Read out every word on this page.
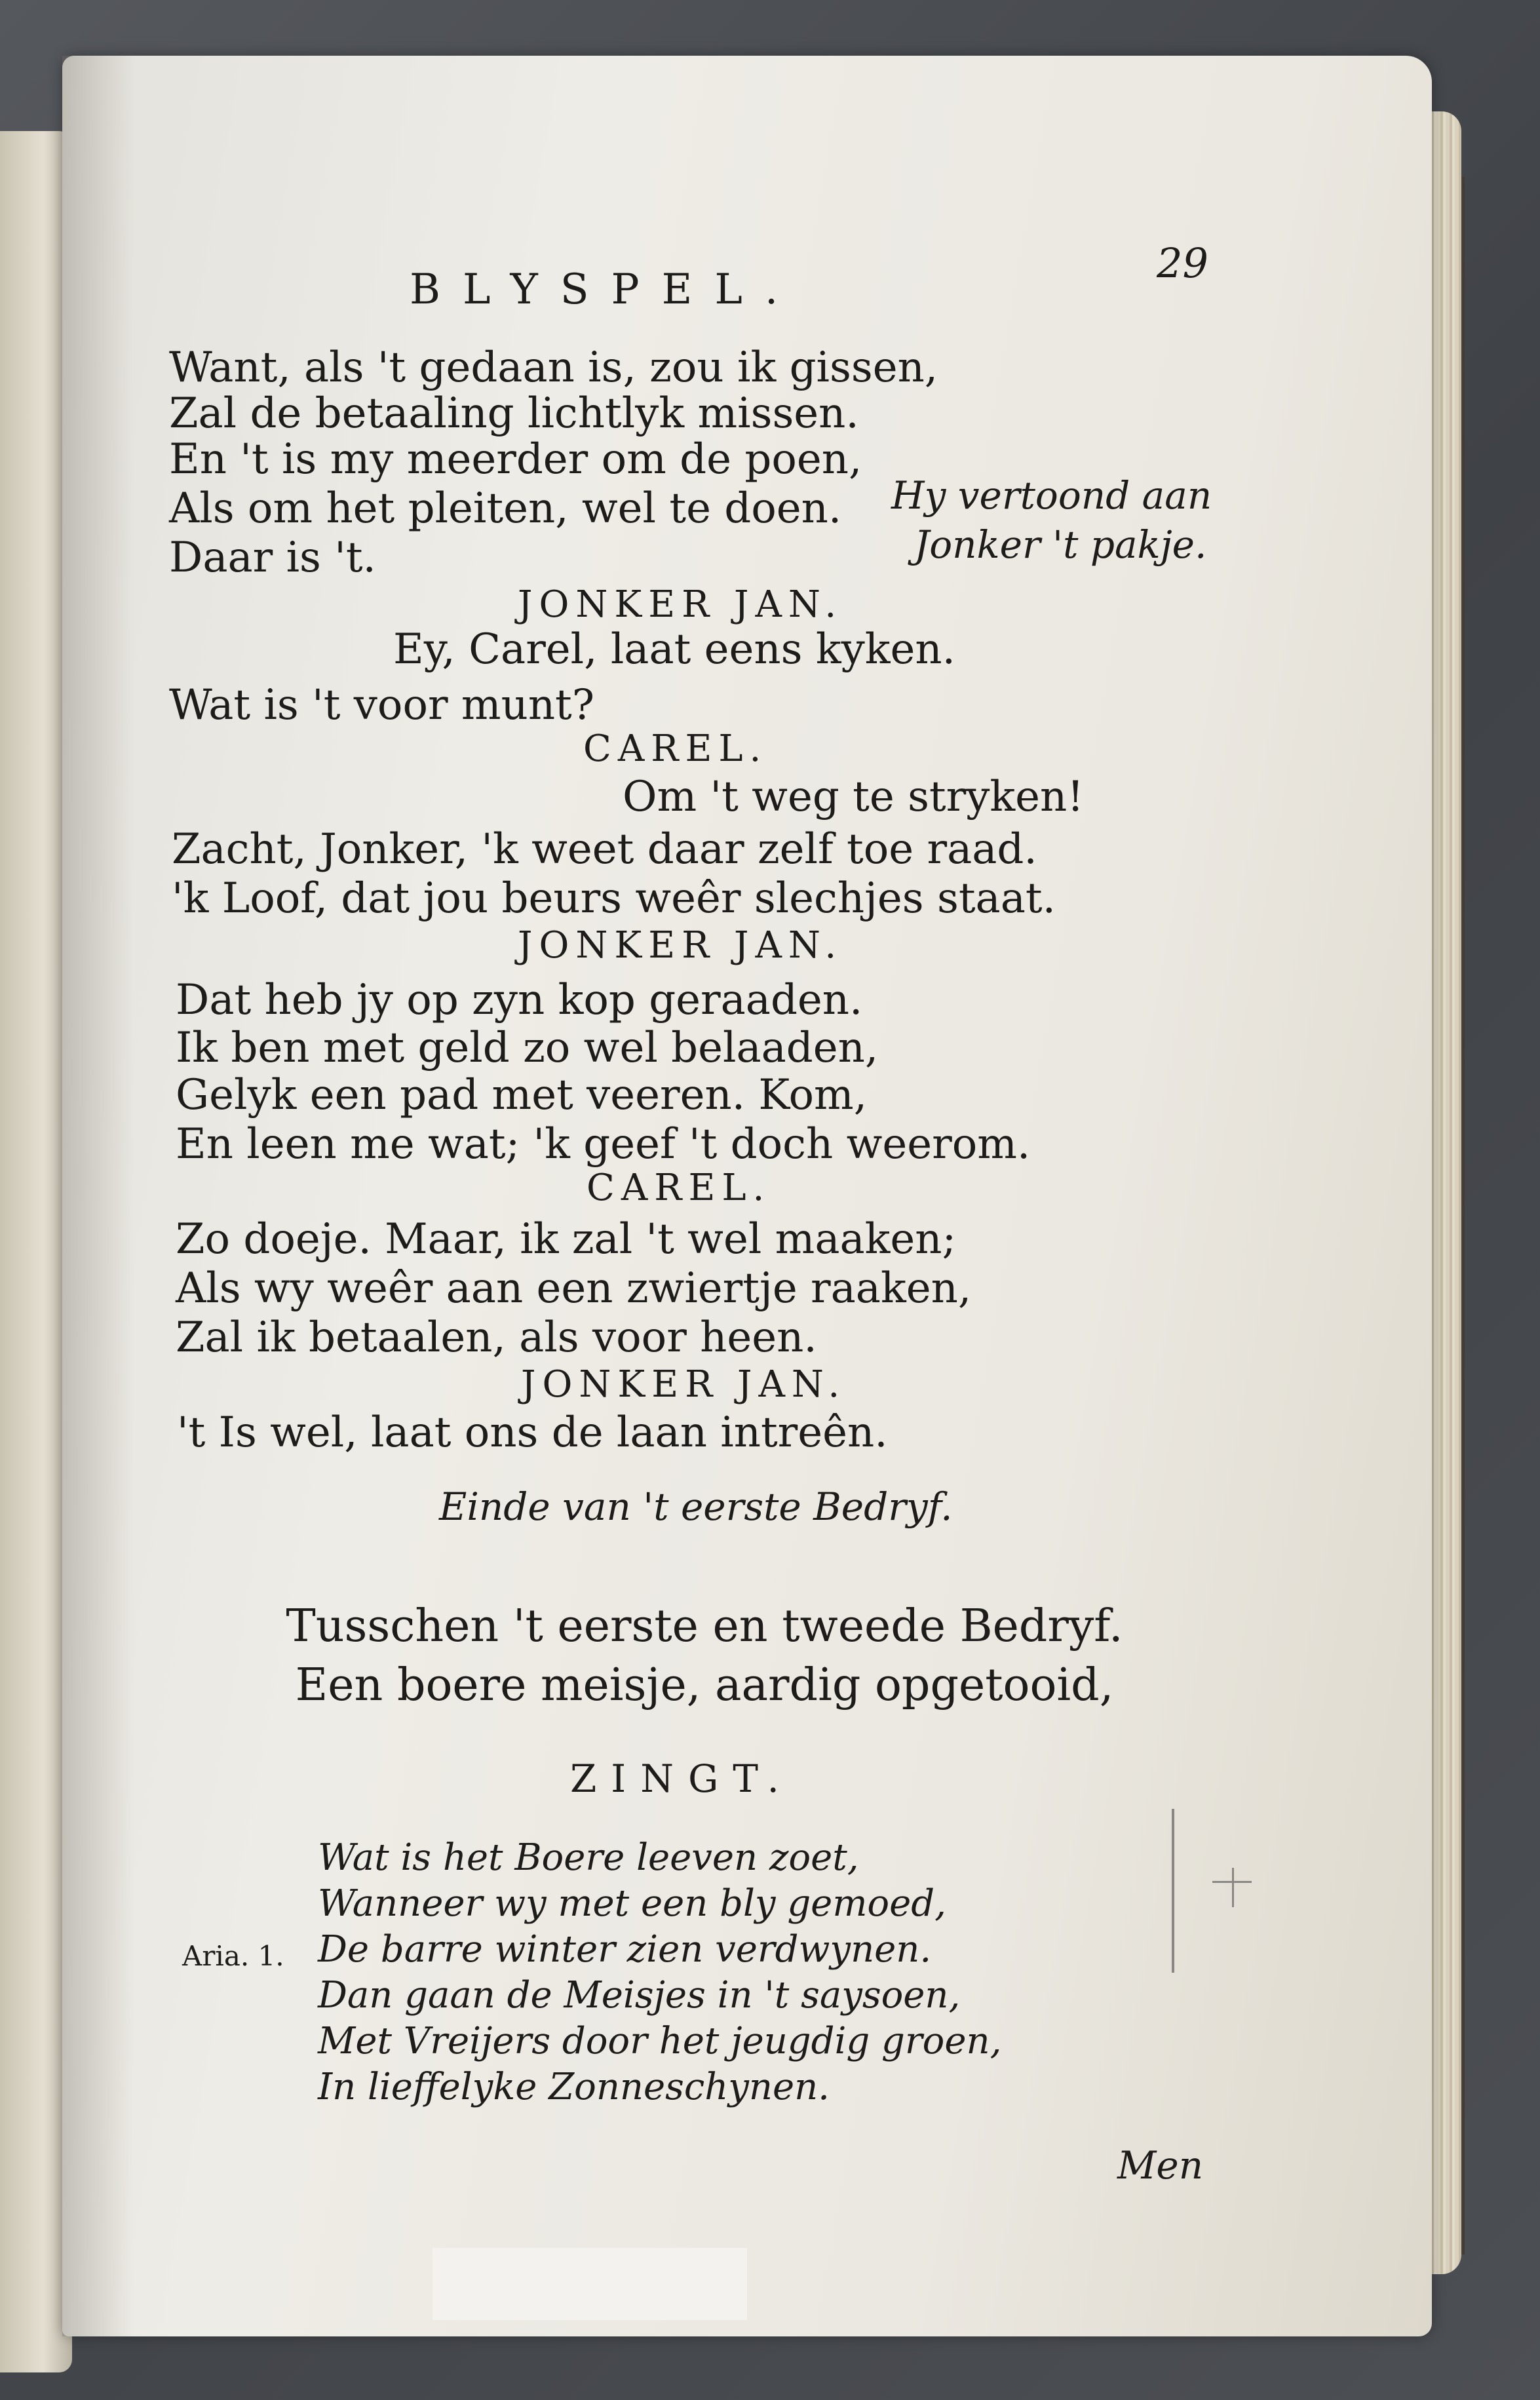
BLYSPEL.
29
Want, als 't gedaan is, zou ik gissen,
Zal de betaaling lichtlyk missen.
En 't is my meerder om de poen,
Als om het pleiten, wel te doen.
Daar is 't.
Hy vertoond aan
Jonker 't pakje.
JONKER JAN.
Ey, Carel, laat eens kyken.
Wat is 't voor munt?
CAREL.
Om 't weg te stryken!
Zacht, Jonker, 'k weet daar zelf toe raad.
'k Loof, dat jou beurs weêr slechjes staat.
JONKER JAN.
Dat heb jy op zyn kop geraaden.
Ik ben met geld zo wel belaaden,
Gelyk een pad met veeren. Kom,
En leen me wat; 'k geef 't doch weerom.
CAREL.
Zo doeje. Maar, ik zal 't wel maaken;
Als wy weêr aan een zwiertje raaken,
Zal ik betaalen, als voor heen.
JONKER JAN.
't Is wel, laat ons de laan intreên.
Einde van 't eerste Bedryf.
Tusschen 't eerste en tweede Bedryf.
Een boere meisje, aardig opgetooid,
ZINGT.
Aria. 1.
Wat is het Boere leeven zoet,
Wanneer wy met een bly gemoed,
De barre winter zien verdwynen.
Dan gaan de Meisjes in 't saysoen,
Met Vreijers door het jeugdig groen,
In lieffelyke Zonneschynen.
Men
